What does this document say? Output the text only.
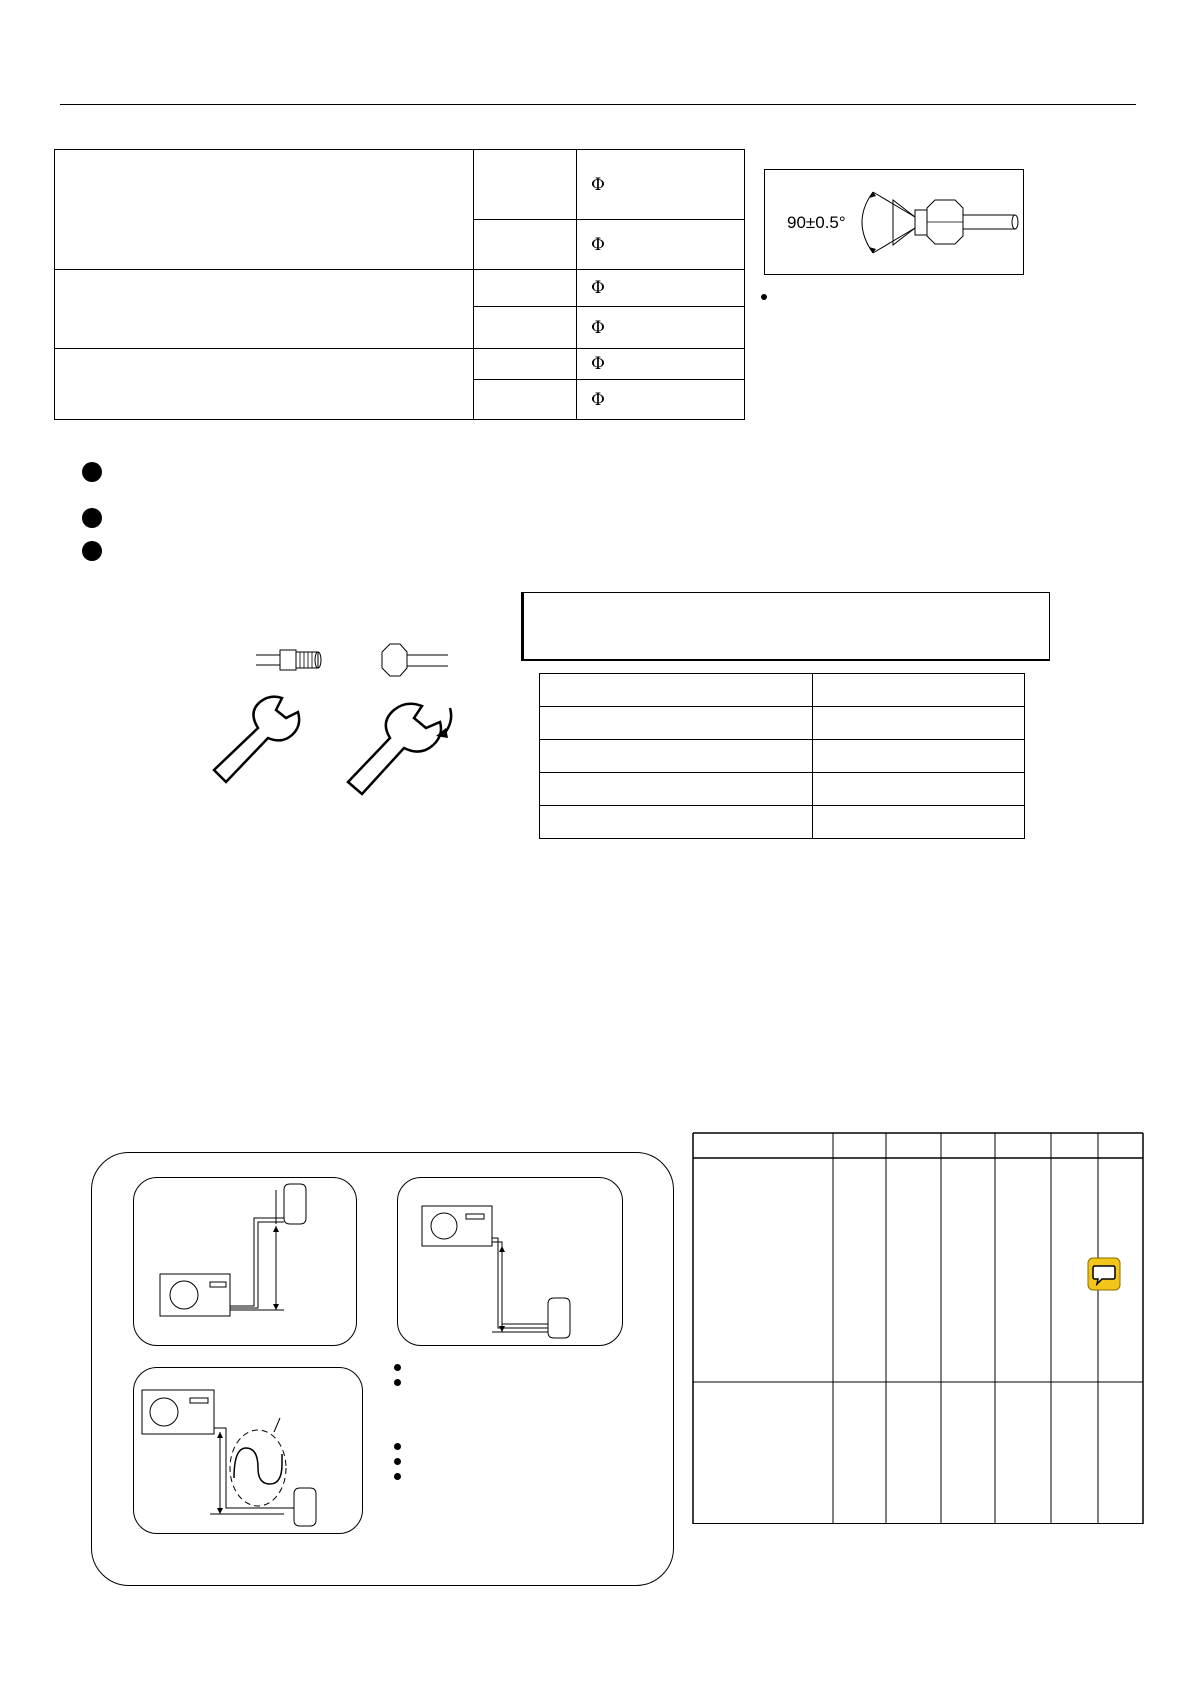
		Φ
		Φ
		Φ
		Φ
		Φ
		Φ
90±0.5°
